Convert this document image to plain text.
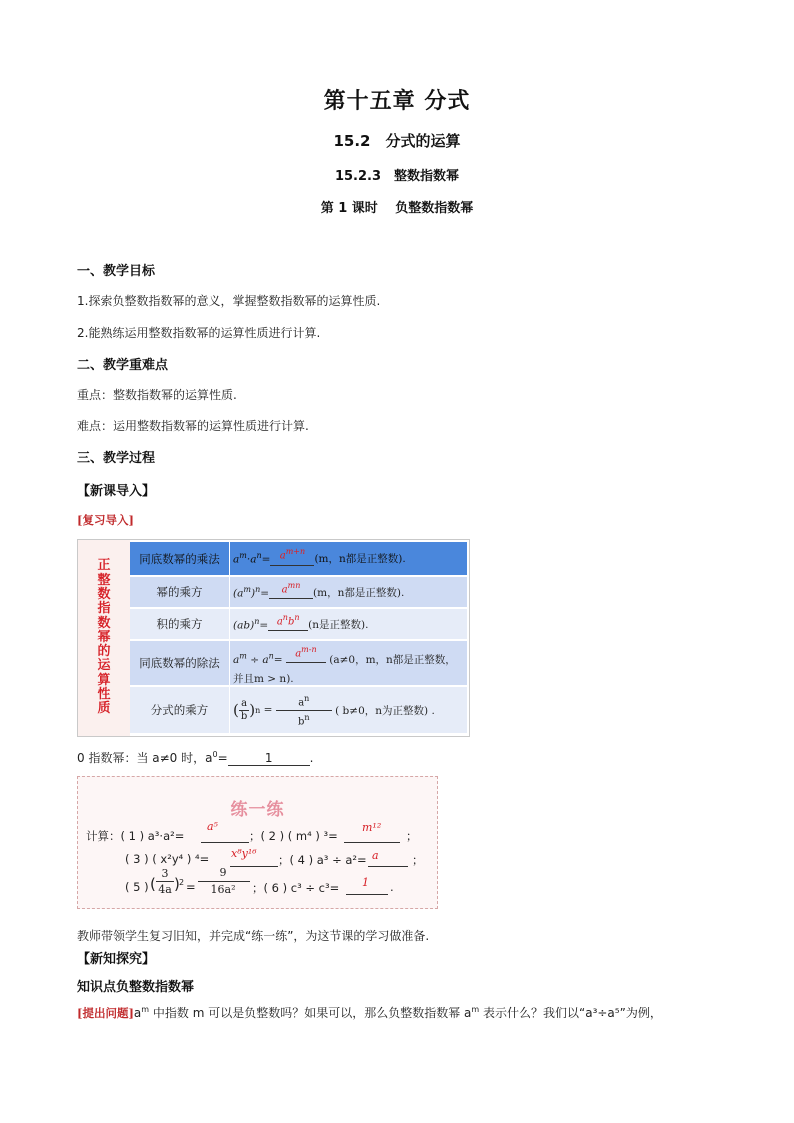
第十五章 分式
15.2　分式的运算
15.2.3　整数指数幂
第 1 课时　 负整数指数幂
一、教学目标
1.探索负整数指数幂的意义，掌握整数指数幂的运算性质.
2.能熟练运用整数指数幂的运算性质进行计算.
二、教学重难点
重点：整数指数幂的运算性质.
难点：运用整数指数幂的运算性质进行计算.
三、教学过程
【新课导入】
[复习导入]
正整数指数幂的运算性质
同底数幂的乘法	$a^m\cdot a^n= a^{m+n}$
(m，n都是正整数).
幂的乘方	$(a^m)^n=$	$a^{mn}$
(m，n都是正整数).
积的乘方	$(ab)^n= a^nb^n$
(n是正整数).
同底数幂的除法	$a^m \div a^n=$
$a^{m-n}$
(a≠0，m，n都是正整数，
并且m > n).
分式的乘方	( a
b ) n =
$a^n$

$b^n$

( b≠0，n为正整数) .
0 指数幂：当 a≠0 时，$a^0=$	1	.
练一练
计算：( 1 ) a³·a²=
a⁵
；( 2 ) ( m⁴ ) ³=
m¹²
；
( 3 ) ( x²y⁴ ) ⁴= x⁸y¹⁶ ；( 4 ) a³ ÷ a²= a	；
( 5 ) (
3
4a ) 2 =
9
16a²	；( 6 ) c³ ÷ c³= 1 .
教师带领学生复习旧知，并完成“练一练”，为这节课的学习做准备.
【新知探究】
知识点负整数指数幂
[提出问题]$a^m$ 中指数 m 可以是负整数吗？如果可以，那么负整数指数幂 $a^m$ 表示什么？我们以“a³÷a⁵”为例，
